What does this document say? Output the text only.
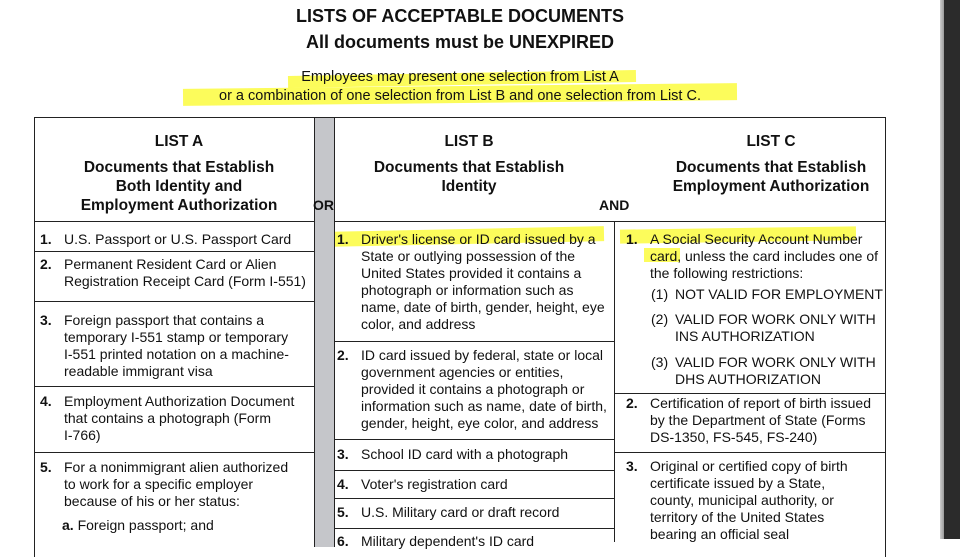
LISTS OF ACCEPTABLE DOCUMENTS
All documents must be UNEXPIRED
Employees may present one selection from List A
or a combination of one selection from List B and one selection from List C.
LIST A
Documents that Establish
Both Identity and
Employment Authorization
LIST B
Documents that Establish
Identity
LIST C
Documents that Establish
Employment Authorization
OR	AND
1. U.S. Passport or U.S. Passport Card
2. Permanent Resident Card or Alien
Registration Receipt Card (Form I-551)
3. Foreign passport that contains a
temporary I-551 stamp or temporary
I-551 printed notation on a machine-
readable immigrant visa
4. Employment Authorization Document
that contains a photograph (Form
I-766)
5. For a nonimmigrant alien authorized
to work for a specific employer
because of his or her status:
1. Driver's license or ID card issued by a
State or outlying possession of the
United States provided it contains a
photograph or information such as
name, date of birth, gender, height, eye
color, and address
2. ID card issued by federal, state or local
government agencies or entities,
provided it contains a photograph or
information such as name, date of birth,
gender, height, eye color, and address
3. School ID card with a photograph
4. Voter's registration card
5. U.S. Military card or draft record
6. Military dependent's ID card
1. A Social Security Account Number
card, unless the card includes one of
the following restrictions:
2. Certification of report of birth issued
by the Department of State (Forms
DS-1350, FS-545, FS-240)
3. Original or certified copy of birth
certificate issued by a State,
county, municipal authority, or
territory of the United States
bearing an official seal
(1) NOT VALID FOR EMPLOYMENT
(2) VALID FOR WORK ONLY WITH
INS AUTHORIZATION
(3) VALID FOR WORK ONLY WITH
DHS AUTHORIZATION
a. Foreign passport; and
